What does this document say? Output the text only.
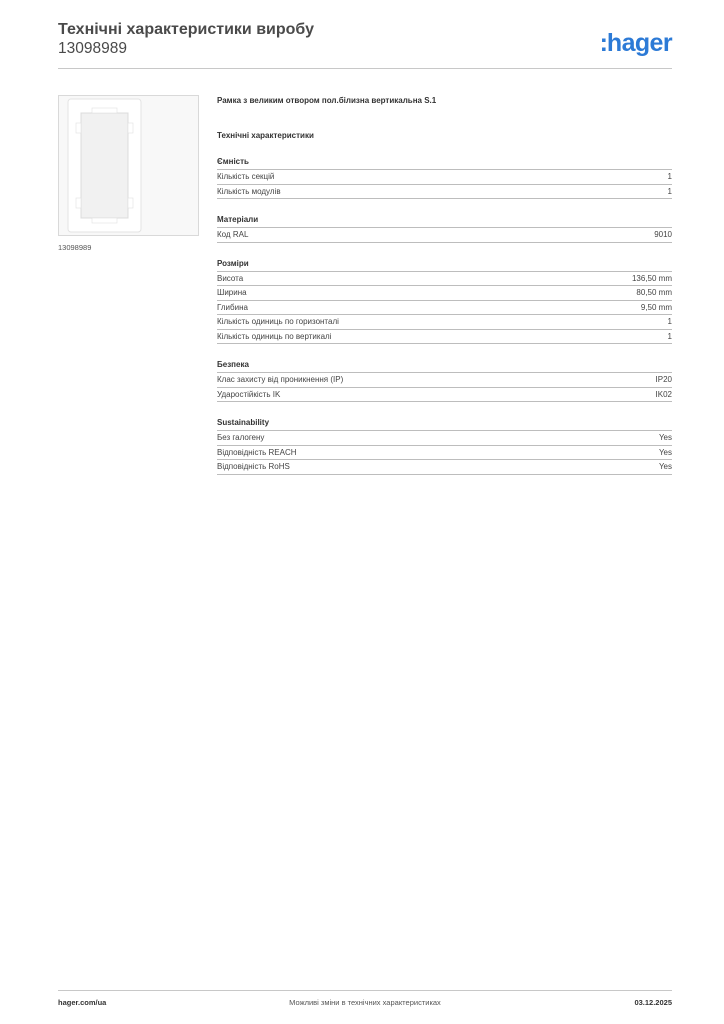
Технічні характеристики виробу
13098989	:hager
13098989
Рамка з великим отвором пол.білизна вертикальна S.1
Технічні характеристики
Ємність
Кількість секцій	1
Кількість модулів	1
Матеріали
Код RAL	9010
Розміри
Висота	136,50 mm
Ширина	80,50 mm
Глибина	9,50 mm
Кількість одиниць по горизонталі	1
Кількість одиниць по вертикалі	1
Безпека
Клас захисту від проникнення (IP)	IP20
Ударостійкість IK	IK02
Sustainability
Без галогену	Yes
Відповідність REACH	Yes
Відповідність RoHS	Yes
hager.com/ua	Можливі зміни в технічних характеристиках	03.12.2025
